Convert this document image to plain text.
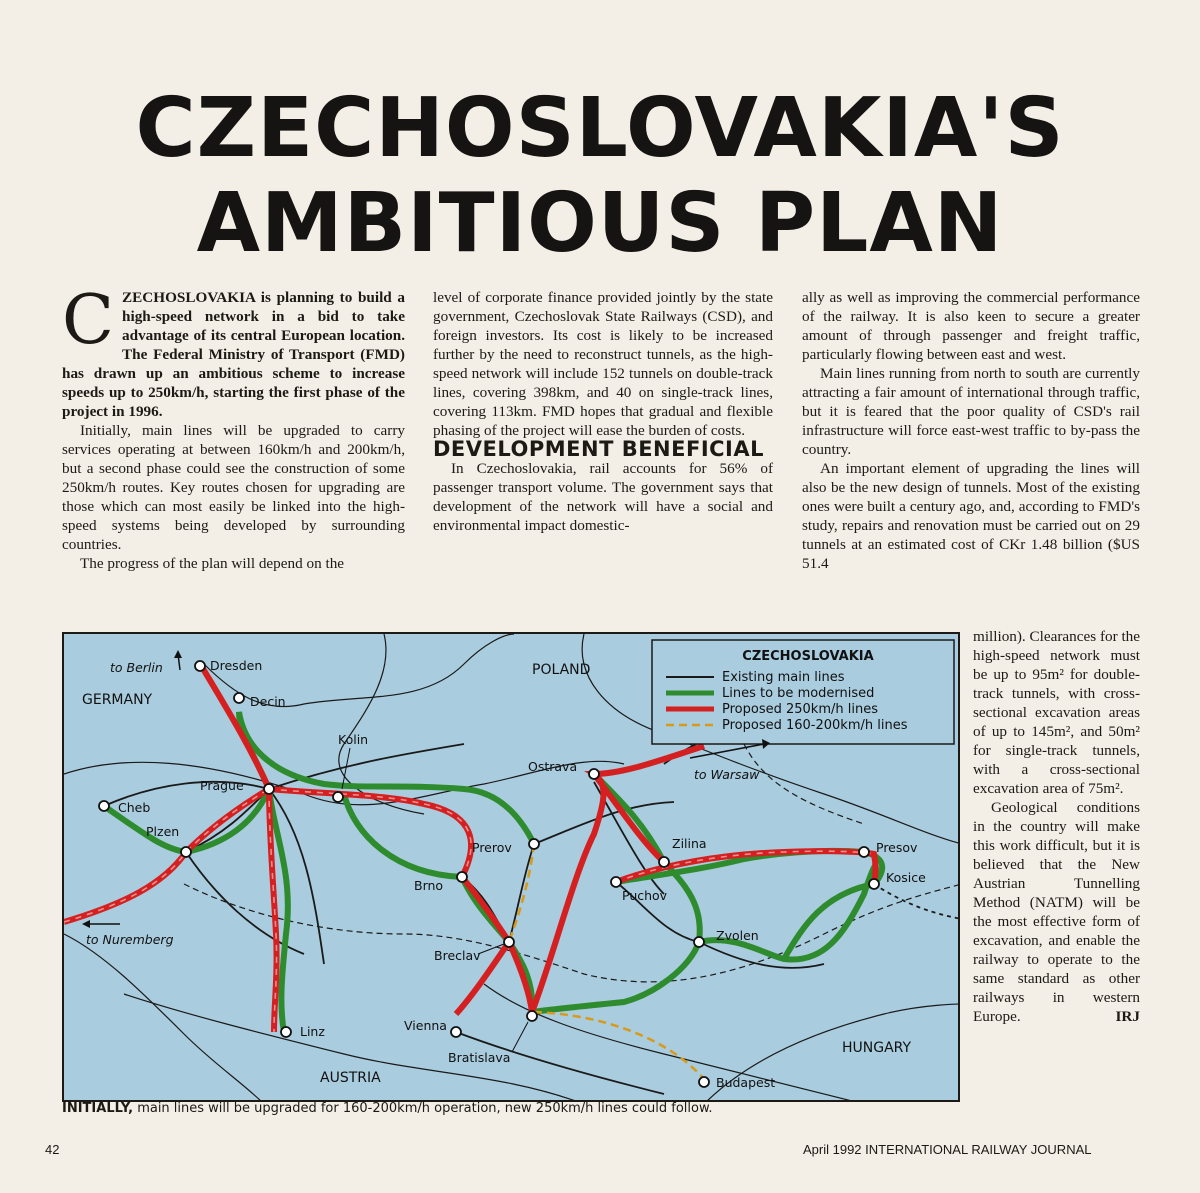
CZECHOSLOVAKIA'S
AMBITIOUS PLAN

CZECHOSLOVAKIA is planning to build a high-speed network in a bid to take advantage of its central European location. The Federal Ministry of Transport (FMD) has drawn up an ambitious scheme to increase speeds up to 250km/h, starting the first phase of the project in 1996.

Initially, main lines will be upgraded to carry services operating at between 160km/h and 200km/h, but a second phase could see the construction of some 250km/h routes. Key routes chosen for upgrading are those which can most easily be linked into the high-speed systems being developed by surrounding countries.

The progress of the plan will depend on the

level of corporate finance provided jointly by the state government, Czechoslovak State Railways (CSD), and foreign investors. Its cost is likely to be increased further by the need to reconstruct tunnels, as the high-speed network will include 152 tunnels on double-track lines, covering 398km, and 40 on single-track lines, covering 113km. FMD hopes that gradual and flexible phasing of the project will ease the burden of costs.

DEVELOPMENT BENEFICIAL

In Czechoslovakia, rail accounts for 56% of passenger transport volume. The government says that development of the network will have a social and environmental impact domestic-

ally as well as improving the commercial performance of the railway. It is also keen to secure a greater amount of through passenger and freight traffic, particularly flowing between east and west.

Main lines running from north to south are currently attracting a fair amount of international through traffic, but it is feared that the poor quality of CSD's rail infrastructure will force east-west traffic to by-pass the country.

An important element of upgrading the lines will also be the new design of tunnels. Most of the existing ones were built a century ago, and, according to FMD's study, repairs and renovation must be carried out on 29 tunnels at an estimated cost of CKr 1.48 billion ($US 51.4

million). Clearances for the high-speed network must be up to 95m² for double-track tunnels, with cross-sectional excavation areas of up to 145m², and 50m² for single-track tunnels, with a cross-sectional excavation area of 75m².

Geological conditions in the country will make this work difficult, but it is believed that the New Austrian Tunnelling Method (NATM) will be the most effective form of excavation, and enable the railway to operate to the same standard as other railways in western Europe.	IRJ

CZECHOSLOVAKIA
Existing main lines
Lines to be modernised
Proposed 250km/h lines
Proposed 160-200km/h lines
GERMANY
POLAND
AUSTRIA
HUNGARY
to Berlin
to Warsaw
to Nuremberg
Dresden
Decin
Kolin
Prague
Cheb
Plzen
Ostrava
Prerov
Brno
Breclav
Zilina
Puchov
Presov
Kosice
Zvolen
Linz	Vienna
Bratislava
Budapest
INITIALLY, main lines will be upgraded for 160-200km/h operation, new 250km/h lines could follow.
42	April 1992 INTERNATIONAL RAILWAY JOURNAL
